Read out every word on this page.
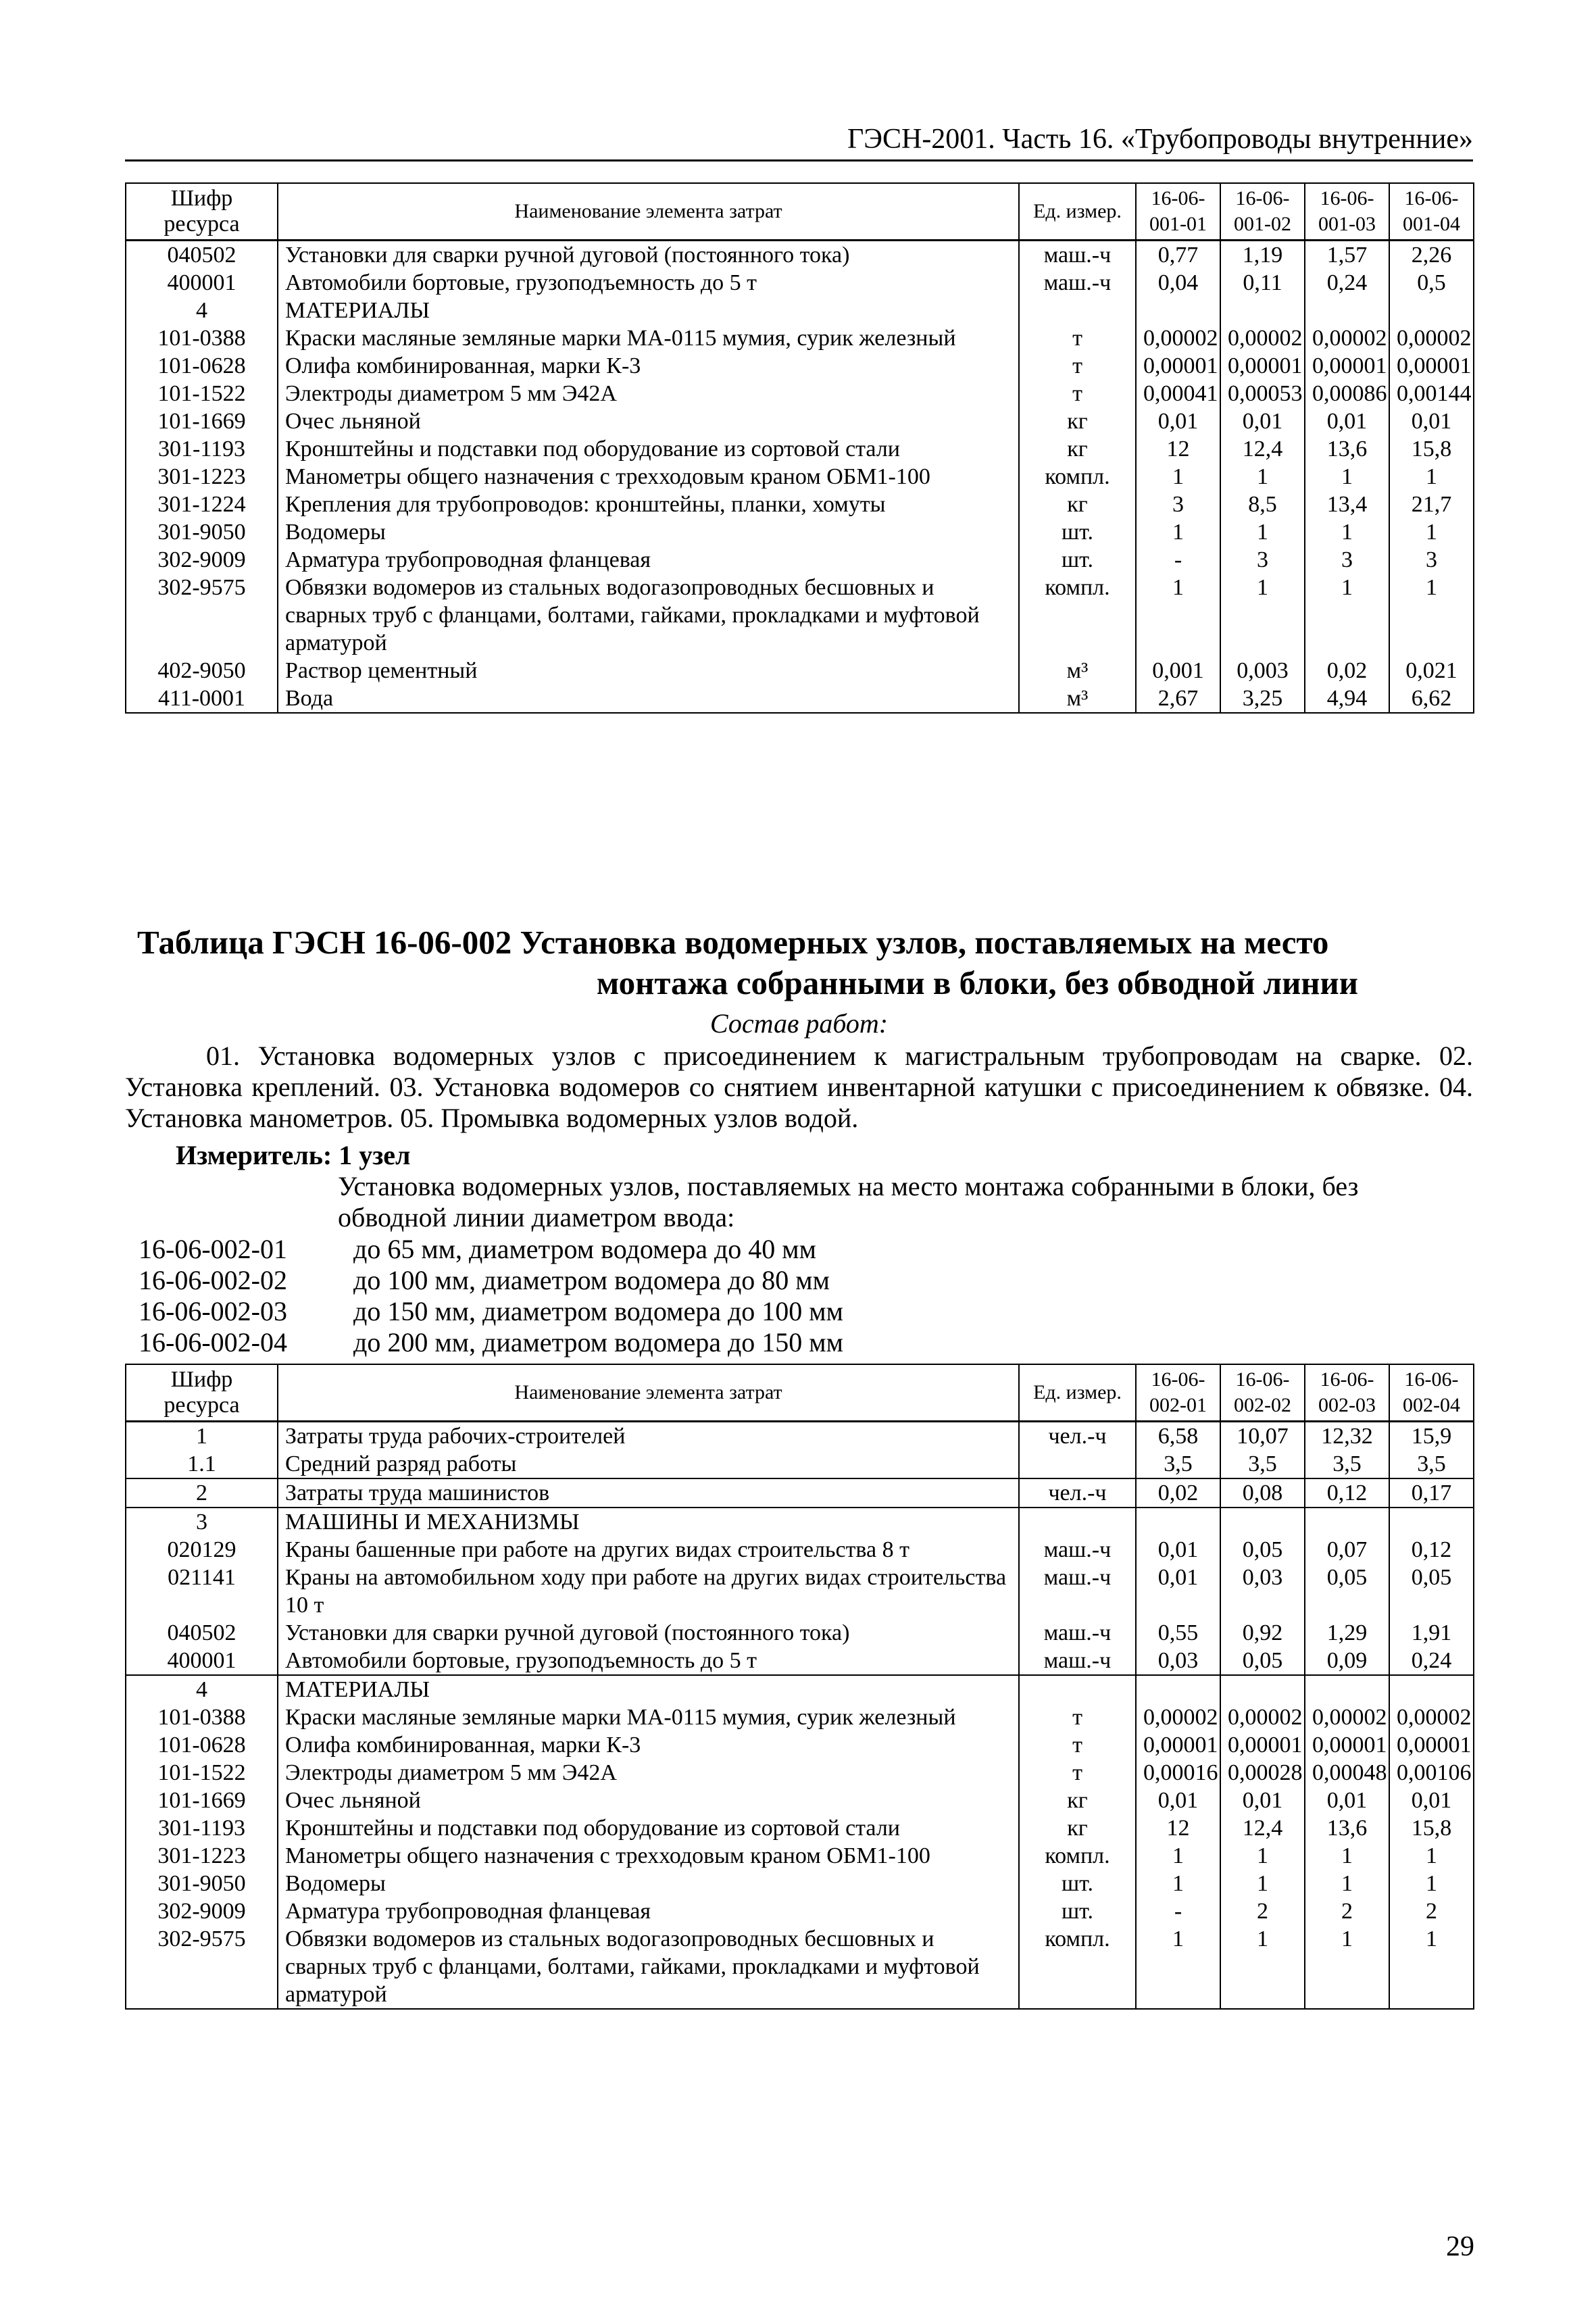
ГЭСН-2001. Часть 16. «Трубопроводы внутренние»
Шифр ресурса	Наименование элемента затрат	Ед. измер.	16-06-001-01	16-06-001-02	16-06-001-03	16-06-001-04
040502	Установки для сварки ручной дуговой (постоянного тока)	маш.-ч	0,77	1,19	1,57	2,26
400001	Автомобили бортовые, грузоподъемность до 5 т	маш.-ч	0,04	0,11	0,24	0,5
4	МАТЕРИАЛЫ					
101-0388	Краски масляные земляные марки МА-0115 мумия, сурик железный	т	0,00002	0,00002	0,00002	0,00002
101-0628	Олифа комбинированная, марки К-3	т	0,00001	0,00001	0,00001	0,00001
101-1522	Электроды диаметром 5 мм Э42А	т	0,00041	0,00053	0,00086	0,00144
101-1669	Очес льняной	кг	0,01	0,01	0,01	0,01
301-1193	Кронштейны и подставки под оборудование из сортовой стали	кг	12	12,4	13,6	15,8
301-1223	Манометры общего назначения с трехходовым краном ОБМ1-100	компл.	1	1	1	1
301-1224	Крепления для трубопроводов: кронштейны, планки, хомуты	кг	3	8,5	13,4	21,7
301-9050	Водомеры	шт.	1	1	1	1
302-9009	Арматура трубопроводная фланцевая	шт.	-	3	3	3
302-9575	Обвязки водомеров из стальных водогазопроводных бесшовных и сварных труб с фланцами, болтами, гайками, прокладками и муфтовой арматурой	компл.	1	1	1	1
402-9050	Раствор цементный	м³	0,001	0,003	0,02	0,021
411-0001	Вода	м³	2,67	3,25	4,94	6,62
Таблица ГЭСН 16-06-002 Установка водомерных узлов, поставляемых на место
монтажа собранными в блоки, без обводной линии
Состав работ:
01. Установка водомерных узлов с присоединением к магистральным трубопроводам на сварке. 02. Установка креплений. 03. Установка водомеров со снятием инвентарной катушки с присоединением к обвязке. 04. Установка манометров. 05. Промывка водомерных узлов водой.
Измеритель: 1 узел
Установка водомерных узлов, поставляемых на место монтажа собранными в блоки, без обводной линии диаметром ввода:
16-06-002-01 до 65 мм, диаметром водомера до 40 мм
16-06-002-02 до 100 мм, диаметром водомера до 80 мм
16-06-002-03 до 150 мм, диаметром водомера до 100 мм
16-06-002-04 до 200 мм, диаметром водомера до 150 мм
Шифр ресурса	Наименование элемента затрат	Ед. измер.	16-06-002-01	16-06-002-02	16-06-002-03	16-06-002-04
1	Затраты труда рабочих-строителей	чел.-ч	6,58	10,07	12,32	15,9
1.1	Средний разряд работы		3,5	3,5	3,5	3,5
2	Затраты труда машинистов	чел.-ч	0,02	0,08	0,12	0,17
3	МАШИНЫ И МЕХАНИЗМЫ					
020129	Краны башенные при работе на других видах строительства 8 т	маш.-ч	0,01	0,05	0,07	0,12
021141	Краны на автомобильном ходу при работе на других видах строительства 10 т	маш.-ч	0,01	0,03	0,05	0,05
040502	Установки для сварки ручной дуговой (постоянного тока)	маш.-ч	0,55	0,92	1,29	1,91
400001	Автомобили бортовые, грузоподъемность до 5 т	маш.-ч	0,03	0,05	0,09	0,24
4	МАТЕРИАЛЫ					
101-0388	Краски масляные земляные марки МА-0115 мумия, сурик железный	т	0,00002	0,00002	0,00002	0,00002
101-0628	Олифа комбинированная, марки К-3	т	0,00001	0,00001	0,00001	0,00001
101-1522	Электроды диаметром 5 мм Э42А	т	0,00016	0,00028	0,00048	0,00106
101-1669	Очес льняной	кг	0,01	0,01	0,01	0,01
301-1193	Кронштейны и подставки под оборудование из сортовой стали	кг	12	12,4	13,6	15,8
301-1223	Манометры общего назначения с трехходовым краном ОБМ1-100	компл.	1	1	1	1
301-9050	Водомеры	шт.	1	1	1	1
302-9009	Арматура трубопроводная фланцевая	шт.	-	2	2	2
302-9575	Обвязки водомеров из стальных водогазопроводных бесшовных и сварных труб с фланцами, болтами, гайками, прокладками и муфтовой арматурой	компл.	1	1	1	1
29
